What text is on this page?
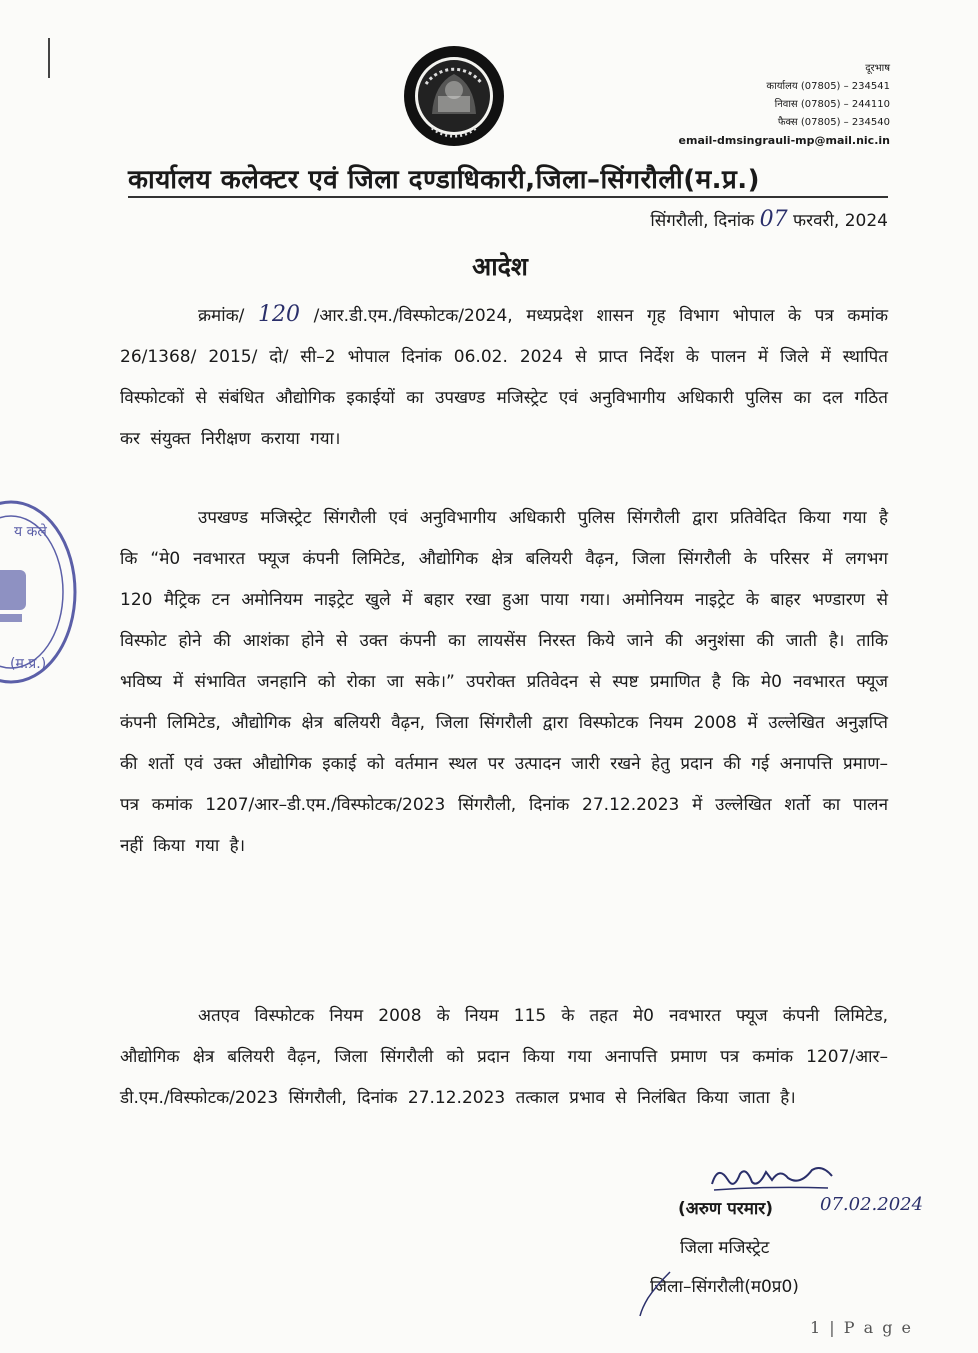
दूरभाष
कार्यालय (07805) – 234541
निवास (07805) – 244110
फैक्स (07805) – 234540
email-dmsingrauli-mp@mail.nic.in
कार्यालय कलेक्टर एवं जिला दण्डाधिकारी,जिला–सिंगरौली(म.प्र.)
सिंगरौली, दिनांक 07 फरवरी, 2024
आदेश
क्रमांक/ 120 /आर.डी.एम./विस्फोटक/2024, मध्यप्रदेश शासन गृह विभाग भोपाल के पत्र कमांक 26/1368/ 2015/ दो/ सी–2 भोपाल दिनांक 06.02. 2024 से प्राप्त निर्देश के पालन में जिले में स्थापित विस्फोटकों से संबंधित औद्योगिक इकाईयों का उपखण्ड मजिस्ट्रेट एवं अनुविभागीय अधिकारी पुलिस का दल गठित कर संयुक्त निरीक्षण कराया गया।
उपखण्ड मजिस्ट्रेट सिंगरौली एवं अनुविभागीय अधिकारी पुलिस सिंगरौली द्वारा प्रतिवेदित किया गया है कि “मे0 नवभारत फ्यूज कंपनी लिमिटेड, औद्योगिक क्षेत्र बलियरी वैढ़न, जिला सिंगरौली के परिसर में लगभग 120 मैट्रिक टन अमोनियम नाइट्रेट खुले में बहार रखा हुआ पाया गया। अमोनियम नाइट्रेट के बाहर भण्डारण से विस्फोट होने की आशंका होने से उक्त कंपनी का लायसेंस निरस्त किये जाने की अनुशंसा की जाती है। ताकि भविष्य में संभावित जनहानि को रोका जा सके।” उपरोक्त प्रतिवेदन से स्पष्ट प्रमाणित है कि मे0 नवभारत फ्यूज कंपनी लिमिटेड, औद्योगिक क्षेत्र बलियरी वैढ़न, जिला सिंगरौली द्वारा विस्फोटक नियम 2008 में उल्लेखित अनुज्ञप्ति की शर्तो एवं उक्त औद्योगिक इकाई को वर्तमान स्थल पर उत्पादन जारी रखने हेतु प्रदान की गई अनापत्ति प्रमाण–पत्र कमांक 1207/आर–डी.एम./विस्फोटक/2023 सिंगरौली, दिनांक 27.12.2023 में उल्लेखित शर्तो का पालन नहीं किया गया है।
अतएव विस्फोटक नियम 2008 के नियम 115 के तहत मे0 नवभारत फ्यूज कंपनी लिमिटेड, औद्योगिक क्षेत्र बलियरी वैढ़न, जिला सिंगरौली को प्रदान किया गया अनापत्ति प्रमाण पत्र कमांक 1207/आर–डी.एम./विस्फोटक/2023 सिंगरौली, दिनांक 27.12.2023 तत्काल प्रभाव से निलंबित किया जाता है।
य कले
(म.प्र.)
(अरुण परमार)	07.02.2024
जिला मजिस्ट्रेट
जिला–सिंगरौली(म0प्र0)
1 | P a g e
